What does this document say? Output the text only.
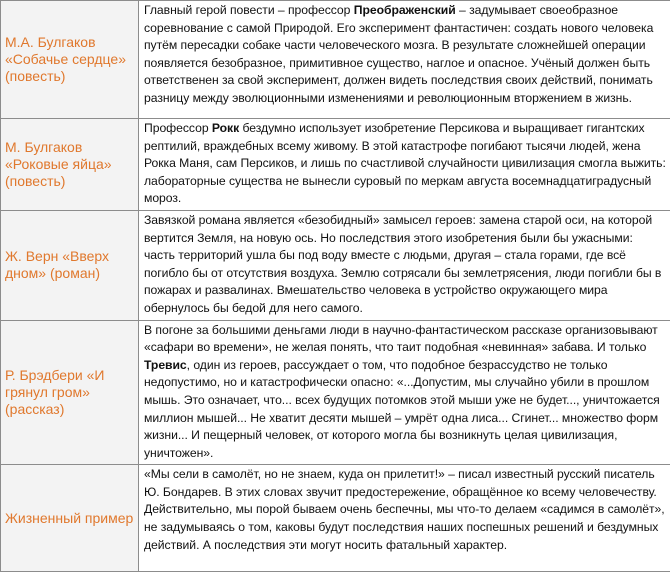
М.А. Булгаков «Собачье сердце» (повесть)	Главный герой повести – профессор Преображенский – задумывает своеобразное соревнование с самой Природой. Его эксперимент фантастичен: создать нового человека путём пересадки собаке части человеческого мозга. В результате сложнейшей операции появляется безобразное, примитивное существо, наглое и опасное. Учёный должен быть ответственен за свой эксперимент, должен видеть последствия своих действий, понимать разницу между эволюционными изменениями и революционным вторжением в жизнь.

М. Булгаков «Роковые яйца» (повесть)	Профессор Рокк бездумно использует изобретение Персикова и выращивает гигантских рептилий, враждебных всему живому. В этой катастрофе погибают тысячи людей, жена Рокка Маня, сам Персиков, и лишь по счастливой случайности цивилизация смогла выжить: лабораторные существа не вынесли суровый по меркам августа восемнадцатиградусный мороз.

Ж. Верн «Вверх дном» (роман)	Завязкой романа является «безобидный» замысел героев: замена старой оси, на которой вертится Земля, на новую ось. Но последствия этого изобретения были бы ужасными: часть территорий ушла бы под воду вместе с людьми, другая – стала горами, где всё погибло бы от отсутствия воздуха. Землю сотрясали бы землетрясения, люди погибли бы в пожарах и развалинах. Вмешательство человека в устройство окружающего мира обернулось бы бедой для него самого.

Р. Брэдбери «И грянул гром» (рассказ)	В погоне за большими деньгами люди в научно-фантастическом рассказе организовывают «сафари во времени», не желая понять, что таит подобная «невинная» забава. И только Тревис, один из героев, рассуждает о том, что подобное безрассудство не только недопустимо, но и катастрофически опасно: «...Допустим, мы случайно убили в прошлом мышь. Это означает, что... всех будущих потомков этой мыши уже не будет..., уничтожается миллион мышей... Не хватит десяти мышей – умрёт одна лиса... Сгинет... множество форм жизни... И пещерный человек, от которого могла бы возникнуть целая цивилизация, уничтожен».

Жизненный пример	«Мы сели в самолёт, но не знаем, куда он прилетит!» – писал известный русский писатель Ю. Бондарев. В этих словах звучит предостережение, обращённое ко всему человечеству. Действительно, мы порой бываем очень беспечны, мы что-то делаем «садимся в самолёт», не задумываясь о том, каковы будут последствия наших поспешных решений и бездумных действий. А последствия эти могут носить фатальный характер.
